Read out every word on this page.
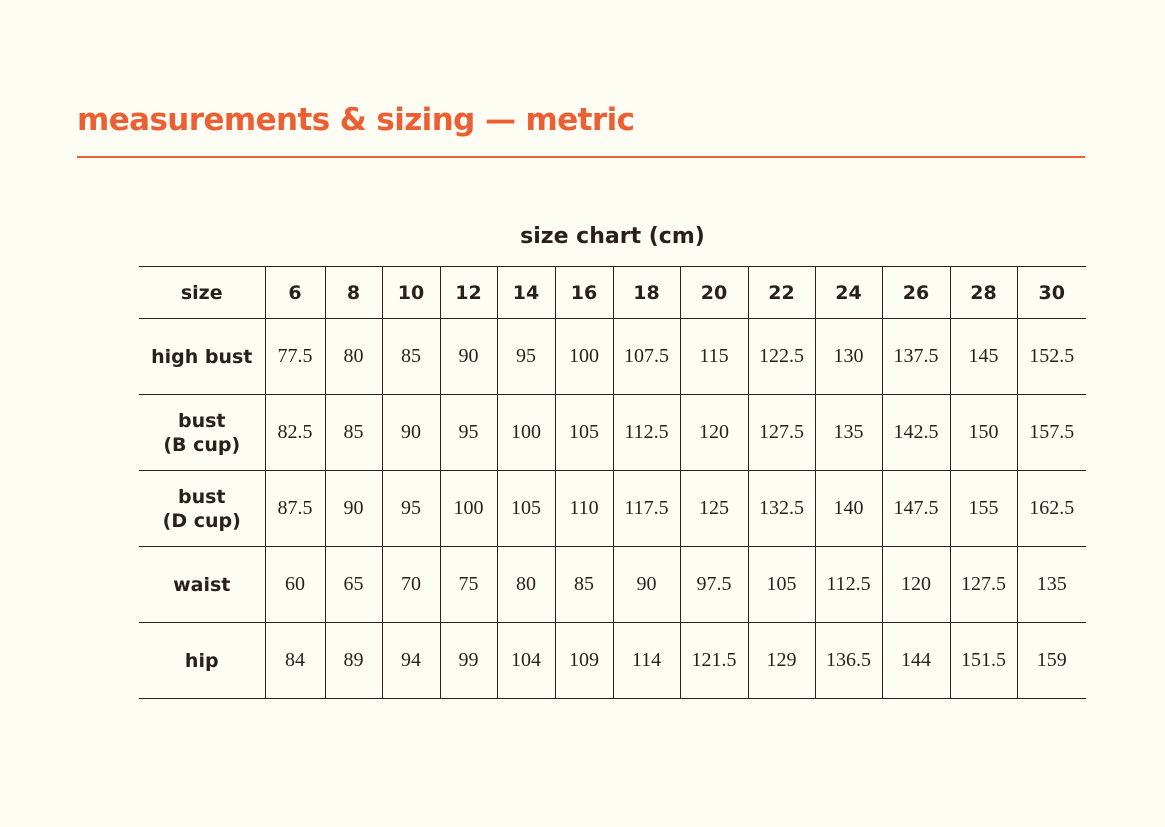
measurements & sizing — metric
size chart (cm)
size	6	8	10	12	14	16	18	20	22	24	26	28	30
high bust	77.5	80	85	90	95	100	107.5	115	122.5	130	137.5	145	152.5

bust
(B cup)	82.5	85	90	95	100	105	112.5	120	127.5	135	142.5	150	157.5

bust
(D cup)	87.5	90	95	100	105	110	117.5	125	132.5	140	147.5	155	162.5
waist	60	65	70	75	80	85	90	97.5	105	112.5	120	127.5	135
hip	84	89	94	99	104	109	114	121.5	129	136.5	144	151.5	159
